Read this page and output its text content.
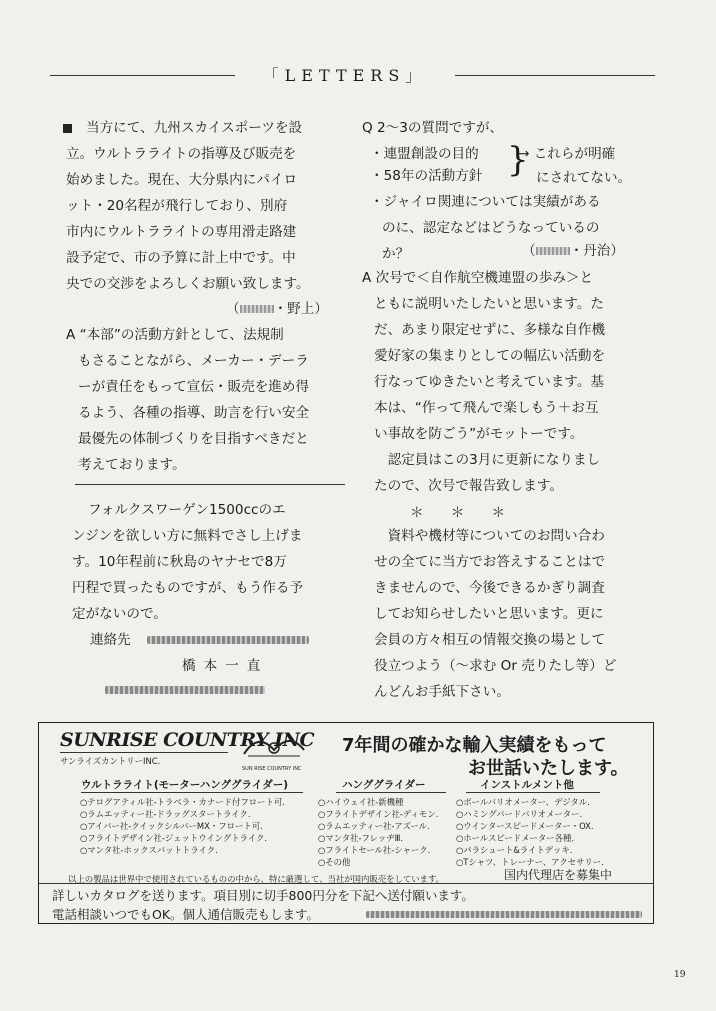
「LETTERS」
当方にて、九州スカイスポーツを設
立。ウルトラライトの指導及び販売を
始めました。現在、大分県内にパイロ
ット・20名程が飛行しており、別府
市内にウルトラライトの専用滑走路建
設予定で、市の予算に計上中です。中
央での交渉をよろしくお願い致します。
（	・野上）
A “本部”の活動方針として、法規制
もさることながら、メーカー・デーラ
ーが責任をもって宣伝・販売を進め得
るよう、各種の指導、助言を行い安全
最優先の体制づくりを目指すべきだと
考えております。
フォルクスワーゲン1500ccのエ
ンジンを欲しい方に無料でさし上げま
す。10年程前に秋島のヤナセで8万
円程で買ったものですが、もう作る予
定がないので。
連絡先
橋本一直
Q 2～3の質問ですが、
・連盟創設の目的
・58年の活動方針 }
→ これらが明確
にされてない。
・ジャイロ関連については実績がある
のに、認定などはどうなっているの
か？	（	・丹治）
A 次号で＜自作航空機連盟の歩み＞と
ともに説明いたしたいと思います。た
だ、あまり限定せずに、多様な自作機
愛好家の集まりとしての幅広い活動を
行なってゆきたいと考えています。基
本は、“作って飛んで楽しもう＋お互
い事故を防ごう”がモットーです。
　認定員はこの3月に更新になりまし
たので、次号で報告致します。
＊　　＊　　＊
　資料や機材等についてのお問い合わ
せの全てに当方でお答えすることはで
きませんので、今後できるかぎり調査
してお知らせしたいと思います。更に
会員の方々相互の情報交換の場として
役立つよう（～求む Or 売りたし等）ど
んどんお手紙下さい。
SUNRISE COUNTRY INC
サンライズカントリーINC.
SUN RISE COUNTRY INC
7年間の確かな輸入実績をもって
お世話いたします。
ウルトラライト(モーターハンググライダー)
○テログアティル社-トラベラ・カナード付フロート可.
○ラムエッティー社-ドラッグスタートライク.
○アイバー社-クイックシルバーMX・フロート可.
○フライトデザイン社-ジェットウイングトライク.
○マンタ社-ホックスバットトライク.
ハンググライダー
○ハイウェイ社-新機種
○フライトデザイン社-ディモン.
○ラムエッティー社-アズール.
○マンタ社-フレッヂⅢ.
○フライトセール社-シャーク.
○その他
インストルメント他
○ボールバリオメーター、デジタル.
○ハミングバードバリオメーター.
○ウインタースピードメーター・OX.
○ホールスピードメーター各種.
○パラシュート&ライトデッキ.
○Tシャツ、トレーナー、アクセサリー.
以上の製品は世界中で使用されているものの中から、特に厳選して、当社が国内販売をしています。	国内代理店を募集中
詳しいカタログを送ります。項目別に切手800円分を下記へ送付願います。
電話相談いつでもOK。個人通信販売もします。
19
